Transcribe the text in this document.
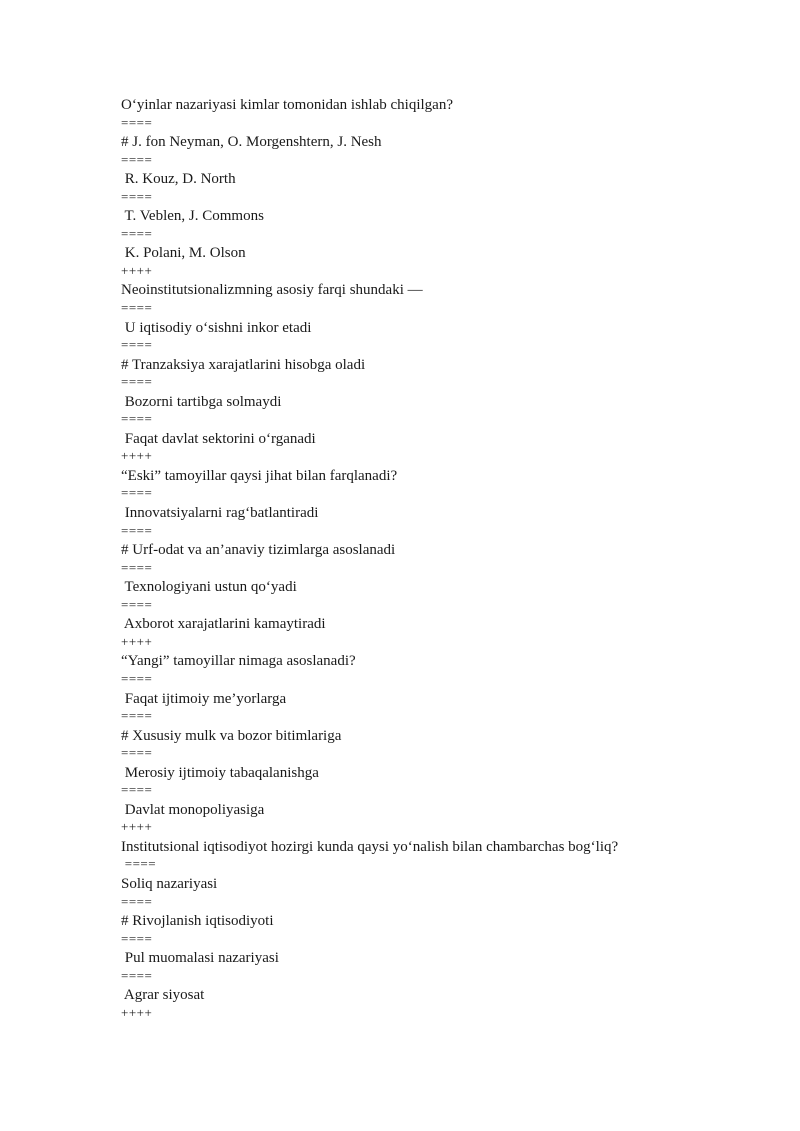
O‘yinlar nazariyasi kimlar tomonidan ishlab chiqilgan?
====
# J. fon Neyman, O. Morgenshtern, J. Nesh
====
R. Kouz, D. North
====
T. Veblen, J. Commons
====
K. Polani, M. Olson
++++
Neoinstitutsionalizmning asosiy farqi shundaki —
====
U iqtisodiy o‘sishni inkor etadi
====
# Tranzaksiya xarajatlarini hisobga oladi
====
Bozorni tartibga solmaydi
====
Faqat davlat sektorini o‘rganadi
++++
“Eski” tamoyillar qaysi jihat bilan farqlanadi?
====
Innovatsiyalarni rag‘batlantiradi
====
# Urf-odat va an’anaviy tizimlarga asoslanadi
====
Texnologiyani ustun qo‘yadi
====
Axborot xarajatlarini kamaytiradi
++++
“Yangi” tamoyillar nimaga asoslanadi?
====
Faqat ijtimoiy me’yorlarga
====
# Xususiy mulk va bozor bitimlariga
====
Merosiy ijtimoiy tabaqalanishga
====
Davlat monopoliyasiga
++++
Institutsional iqtisodiyot hozirgi kunda qaysi yo‘nalish bilan chambarchas bog‘liq?
====
Soliq nazariyasi
====
# Rivojlanish iqtisodiyoti
====
Pul muomalasi nazariyasi
====
Agrar siyosat
++++
